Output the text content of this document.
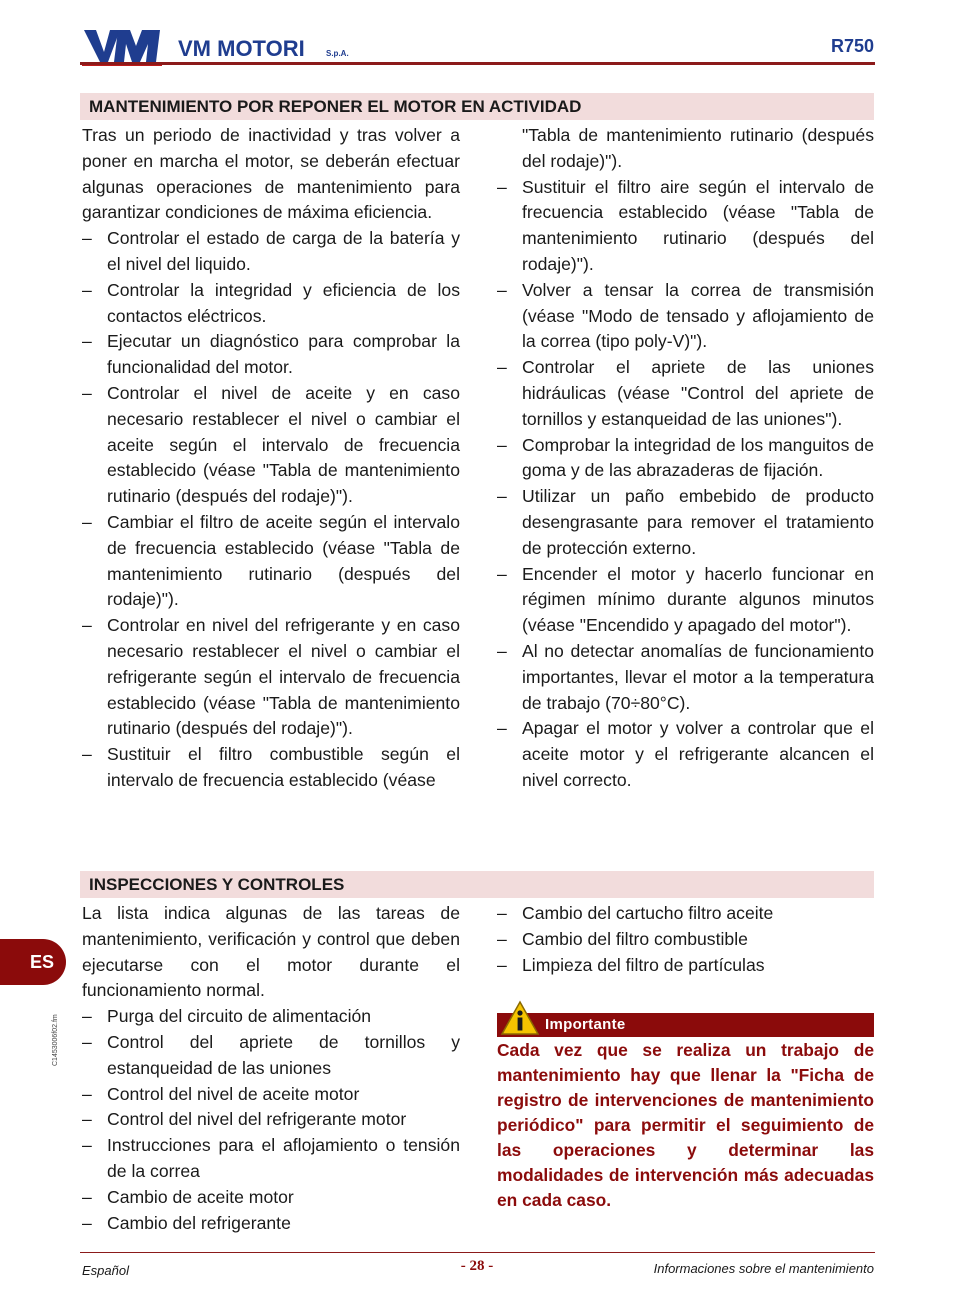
VM MOTORI	S.p.A.	R750
MANTENIMIENTO POR REPONER EL MOTOR EN ACTIVIDAD

Tras un periodo de inactividad y tras volver a poner en marcha el motor, se deberán efectuar algunas operaciones de mantenimiento para garantizar condiciones de máxima eficiencia.

– Controlar el estado de carga de la batería y el nivel del liquido.
– Controlar la integridad y eficiencia de los contactos eléctricos.
– Ejecutar un diagnóstico para comprobar la funcionalidad del motor.
– Controlar el nivel de aceite y en caso necesario restablecer el nivel o cambiar el aceite según el intervalo de frecuencia establecido (véase "Tabla de mantenimiento rutinario (después del rodaje)").
– Cambiar el filtro de aceite según el intervalo de frecuencia establecido (véase "Tabla de mantenimiento rutinario (después del rodaje)").
– Controlar en nivel del refrigerante y en caso necesario restablecer el nivel o cambiar el refrigerante según el intervalo de frecuencia establecido (véase "Tabla de mantenimiento rutinario (después del rodaje)").
– Sustituir el filtro combustible según el intervalo de frecuencia establecido (véase
"Tabla de mantenimiento rutinario (después del rodaje)").
– Sustituir el filtro aire según el intervalo de frecuencia establecido (véase "Tabla de mantenimiento rutinario (después del rodaje)").
– Volver a tensar la correa de transmisión (véase "Modo de tensado y aflojamiento de la correa (tipo poly-V)").
– Controlar el apriete de las uniones hidráulicas (véase "Control del apriete de tornillos y estanqueidad de las uniones").
– Comprobar la integridad de los manguitos de goma y de las abrazaderas de fijación.
– Utilizar un paño embebido de producto desengrasante para remover el tratamiento de protección externo.
– Encender el motor y hacerlo funcionar en régimen mínimo durante algunos minutos (véase "Encendido y apagado del motor").
– Al no detectar anomalías de funcionamiento importantes, llevar el motor a la temperatura de trabajo (70÷80°C).
– Apagar el motor y volver a controlar que el aceite motor y el refrigerante alcancen el nivel correcto.
INSPECCIONES Y CONTROLES

La lista indica algunas de las tareas de mantenimiento, verificación y control que deben ejecutarse con el motor durante el funcionamiento normal.

– Purga del circuito de alimentación
– Control del apriete de tornillos y estanqueidad de las uniones
– Control del nivel de aceite motor
– Control del nivel del refrigerante motor
– Instrucciones para el aflojamiento o tensión de la correa
– Cambio de aceite motor
– Cambio del refrigerante
– Cambio del cartucho filtro aceite
– Cambio del filtro combustible
– Limpieza del filtro de partículas
Importante
Cada vez que se realiza un trabajo de mantenimiento hay que llenar la "Ficha de registro de intervenciones de mantenimiento periódico" para permitir el seguimiento de las operaciones y determinar las modalidades de intervención más adecuadas en cada caso.
ES
C1453006f02.fm
Español	- 28 -	Informaciones sobre el mantenimiento
